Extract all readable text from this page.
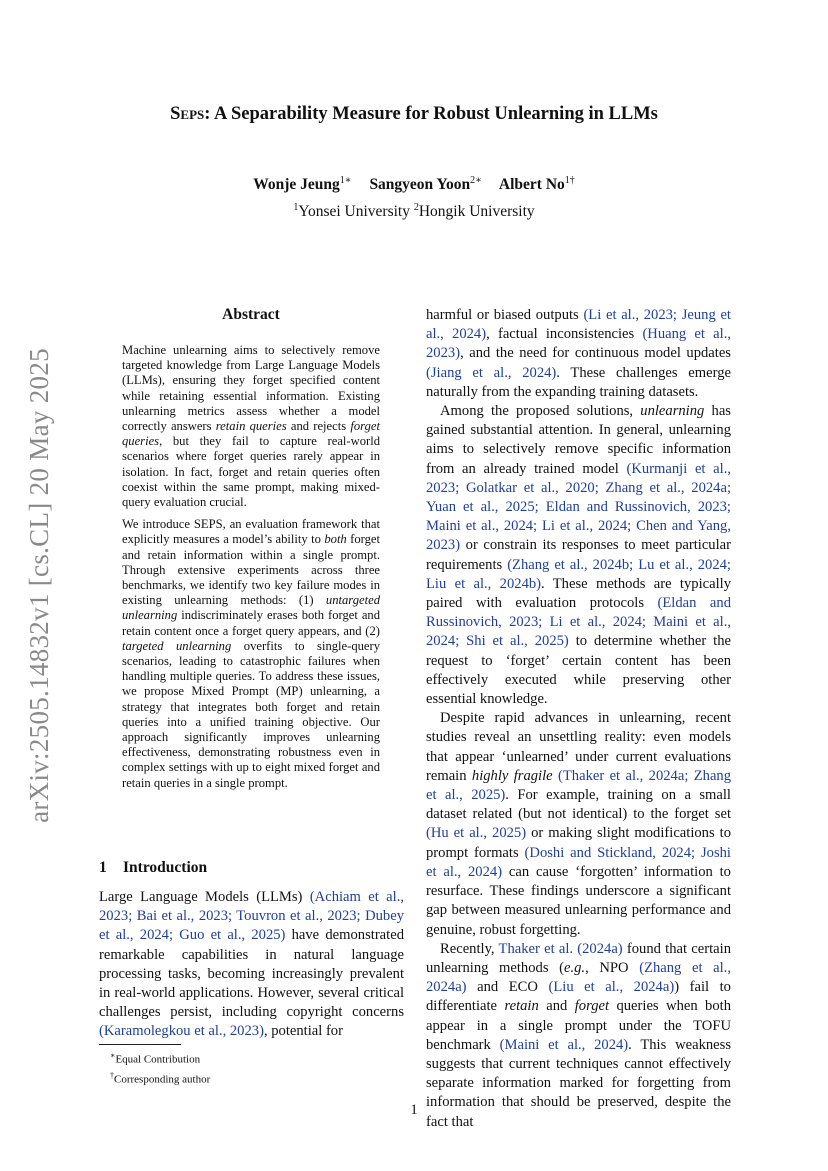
arXiv:2505.14832v1 [cs.CL] 20 May 2025
Seps: A Separability Measure for Robust Unlearning in LLMs
Wonje Jeung$^{1∗}$ Sangyeon Yoon$^{2∗}$ Albert $No^{1\dagger}$
$^1$Yonsei University $^2$Hongik University
Abstract

Machine unlearning aims to selectively remove targeted knowledge from Large Language Models (LLMs), ensuring they forget specified content while retaining essential information. Existing unlearning metrics assess whether a model correctly answers retain queries and rejects forget queries, but they fail to capture real-world scenarios where forget queries rarely appear in isolation. In fact, forget and retain queries often coexist within the same prompt, making mixed-query evaluation crucial.

We introduce SEPS, an evaluation framework that explicitly measures a model’s ability to both forget and retain information within a single prompt. Through extensive experiments across three benchmarks, we identify two key failure modes in existing unlearning methods: (1) untargeted unlearning indiscriminately erases both forget and retain content once a forget query appears, and (2) targeted unlearning overfits to single-query scenarios, leading to catastrophic failures when handling multiple queries. To address these issues, we propose Mixed Prompt (MP) unlearning, a strategy that integrates both forget and retain queries into a unified training objective. Our approach significantly improves unlearning effectiveness, demonstrating robustness even in complex settings with up to eight mixed forget and retain queries in a single prompt.

1 Introduction

Large Language Models (LLMs) (Achiam et al., 2023; Bai et al., 2023; Touvron et al., 2023; Dubey et al., 2024; Guo et al., 2025) have demonstrated remarkable capabilities in natural language processing tasks, becoming increasingly prevalent in real-world applications. However, several critical challenges persist, including copyright concerns (Karamolegkou et al., 2023), potential for

∗Equal Contribution
†Corresponding author

harmful or biased outputs (Li et al., 2023; Jeung et al., 2024), factual inconsistencies (Huang et al., 2023), and the need for continuous model updates (Jiang et al., 2024). These challenges emerge naturally from the expanding training datasets.

Among the proposed solutions, unlearning has gained substantial attention. In general, unlearning aims to selectively remove specific information from an already trained model (Kurmanji et al., 2023; Golatkar et al., 2020; Zhang et al., 2024a; Yuan et al., 2025; Eldan and Russinovich, 2023; Maini et al., 2024; Li et al., 2024; Chen and Yang, 2023) or constrain its responses to meet particular requirements (Zhang et al., 2024b; Lu et al., 2024; Liu et al., 2024b). These methods are typically paired with evaluation protocols (Eldan and Russinovich, 2023; Li et al., 2024; Maini et al., 2024; Shi et al., 2025) to determine whether the request to ‘forget’ certain content has been effectively executed while preserving other essential knowledge.

Despite rapid advances in unlearning, recent studies reveal an unsettling reality: even models that appear ‘unlearned’ under current evaluations remain highly fragile (Thaker et al., 2024a; Zhang et al., 2025). For example, training on a small dataset related (but not identical) to the forget set (Hu et al., 2025) or making slight modifications to prompt formats (Doshi and Stickland, 2024; Joshi et al., 2024) can cause ‘forgotten’ information to resurface. These findings underscore a significant gap between measured unlearning performance and genuine, robust forgetting.

Recently, Thaker et al. (2024a) found that certain unlearning methods (e.g., NPO (Zhang et al., 2024a) and ECO (Liu et al., 2024a)) fail to differentiate retain and forget queries when both appear in a single prompt under the TOFU benchmark (Maini et al., 2024). This weakness suggests that current techniques cannot effectively separate information marked for forgetting from information that should be preserved, despite the fact that

1
